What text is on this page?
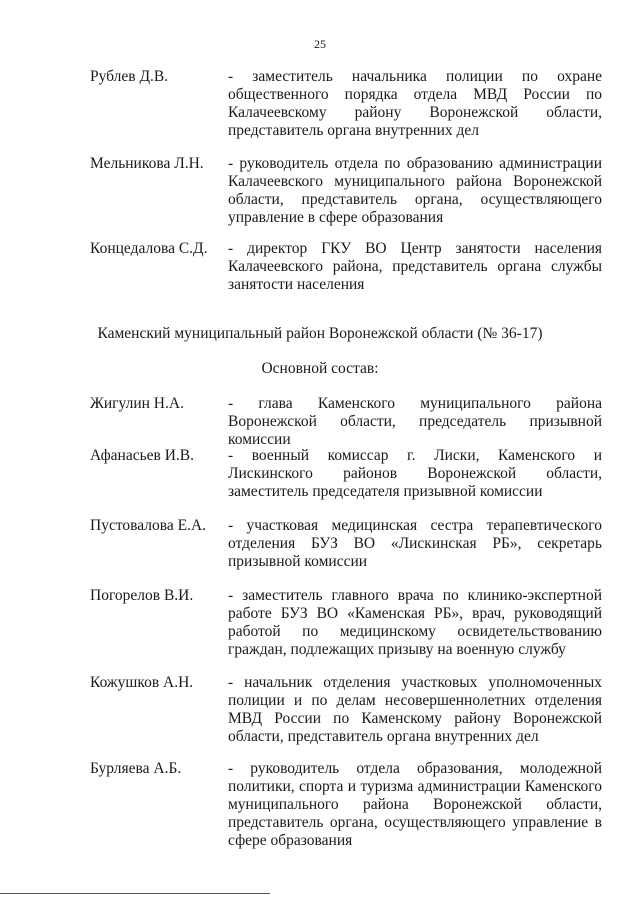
25
Рублев Д.В.	- заместитель начальника полиции по охране общественного порядка отдела МВД России по Калачеевскому району Воронежской области, представитель органа внутренних дел
Мельникова Л.Н. - руководитель отдела по образованию администрации Калачеевского муниципального района Воронежской области, представитель органа, осуществляющего управление в сфере образования
Концедалова С.Д. - директор ГКУ ВО Центр занятости населения Калачеевского района, представитель органа службы занятости населения
Каменский муниципальный район Воронежской области (№ 36-17)
Основной состав:
Жигулин Н.А.	- глава Каменского муниципального района Воронежской области, председатель призывной комиссии
Афанасьев И.В. - военный комиссар г. Лиски, Каменского и Лискинского районов Воронежской области, заместитель председателя призывной комиссии
Пустовалова Е.А. - участковая медицинская сестра терапевтического отделения БУЗ ВО «Лискинская РБ», секретарь призывной комиссии
Погорелов В.И. - заместитель главного врача по клинико-экспертной работе БУЗ ВО «Каменская РБ», врач, руководящий работой по медицинскому освидетельствованию граждан, подлежащих призыву на военную службу
Кожушков А.Н. - начальник отделения участковых уполномоченных полиции и по делам несовершеннолетних отделения МВД России по Каменскому району Воронежской области, представитель органа внутренних дел
Бурляева А.Б.	- руководитель отдела образования, молодежной политики, спорта и туризма администрации Каменского муниципального района Воронежской области, представитель органа, осуществляющего управление в сфере образования
